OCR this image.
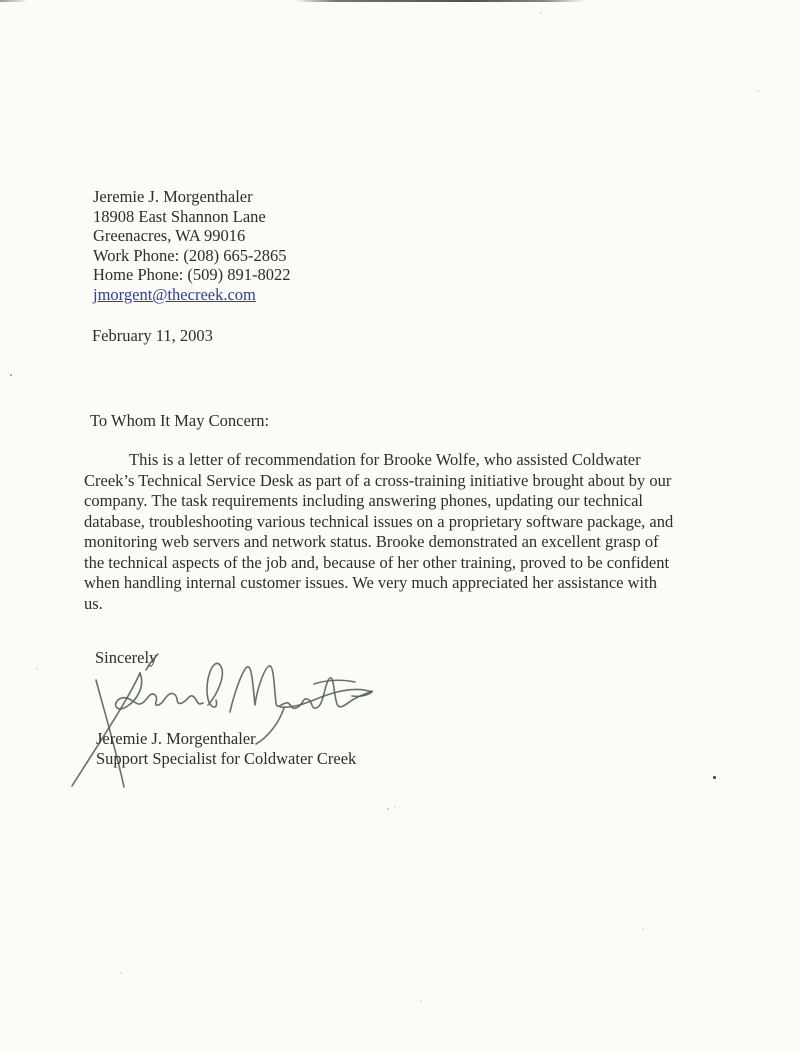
Jeremie J. Morgenthaler
18908 East Shannon Lane
Greenacres, WA 99016
Work Phone: (208) 665-2865
Home Phone: (509) 891-8022
jmorgent@thecreek.com
February 11, 2003
To Whom It May Concern:
This is a letter of recommendation for Brooke Wolfe, who assisted Coldwater
Creek’s Technical Service Desk as part of a cross-training initiative brought about by our
company. The task requirements including answering phones, updating our technical
database, troubleshooting various technical issues on a proprietary software package, and
monitoring web servers and network status. Brooke demonstrated an excellent grasp of
the technical aspects of the job and, because of her other training, proved to be confident
when handling internal customer issues. We very much appreciated her assistance with
us.
Sincerely
Jeremie J. Morgenthaler
Support Specialist for Coldwater Creek
